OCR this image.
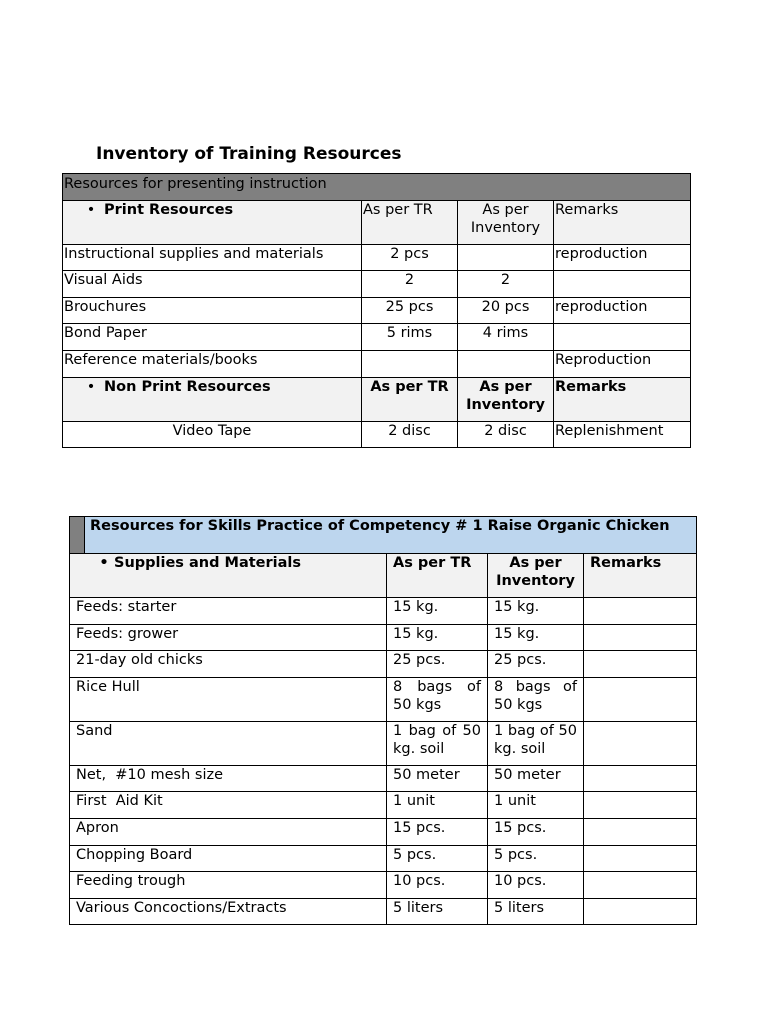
Inventory of Training Resources
Resources for presenting instruction			
• Print Resources	As per TR	As per Inventory	Remarks
Instructional supplies and materials	2 pcs		reproduction
Visual Aids	2	2	
Brouchures	25 pcs	20 pcs	reproduction
Bond Paper	5 rims	4 rims	
Reference materials/books			Reproduction
• Non Print Resources	As per TR	As per Inventory	Remarks
Video Tape	2 disc	2 disc	Replenishment
	Resources for Skills Practice of Competency # 1 Raise Organic Chicken			
• Supplies and Materials		As per TR	As per Inventory	Remarks
Feeds: starter		15 kg.	15 kg.	
Feeds: grower		15 kg.	15 kg.	
21-day old chicks		25 pcs.	25 pcs.	
Rice Hull		8 bags of 50 kgs	8 bags of 50 kgs	
Sand		1 bag of 50 kg. soil	1 bag of 50 kg. soil	
Net,  #10 mesh size		50 meter	50 meter	
First  Aid Kit		1 unit	1 unit	
Apron		15 pcs.	15 pcs.	
Chopping Board		5 pcs.	5 pcs.	
Feeding trough		10 pcs.	10 pcs.	
Various Concoctions/Extracts		5 liters	5 liters	
